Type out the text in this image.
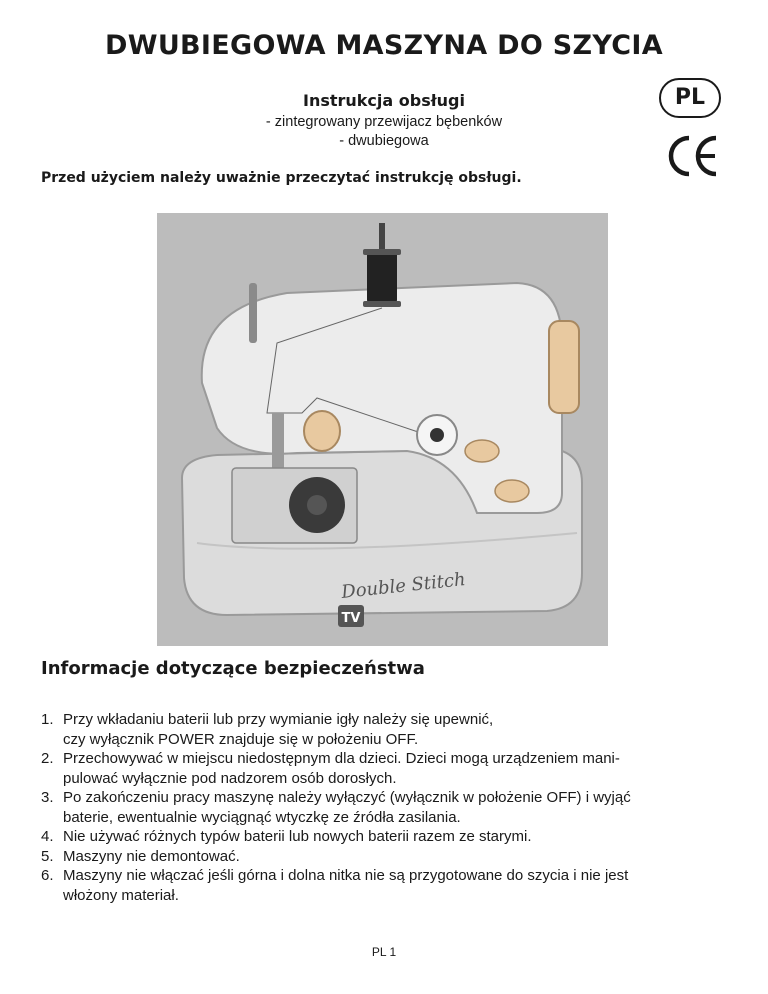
DWUBIEGOWA MASZYNA DO SZYCIA
Instrukcja obsługi
- zintegrowany przewijacz bębenków
- dwubiegowa
PL
Przed użyciem należy uważnie przeczytać instrukcję obsługi.
Double Stitch
TV
Informacje dotyczące bezpieczeństwa
1. Przy wkładaniu baterii lub przy wymianie igły należy się upewnić,
czy wyłącznik POWER znajduje się w położeniu OFF.
2. Przechowywać w miejscu niedostępnym dla dzieci. Dzieci mogą urządzeniem mani-
pulować wyłącznie pod nadzorem osób dorosłych.
3. Po zakończeniu pracy maszynę należy wyłączyć (wyłącznik w położenie OFF) i wyjąć
baterie, ewentualnie wyciągnąć wtyczkę ze źródła zasilania.
4. Nie używać różnych typów baterii lub nowych baterii razem ze starymi.
5. Maszyny nie demontować.
6. Maszyny nie włączać jeśli górna i dolna nitka nie są przygotowane do szycia i nie jest
włożony materiał.
PL 1
